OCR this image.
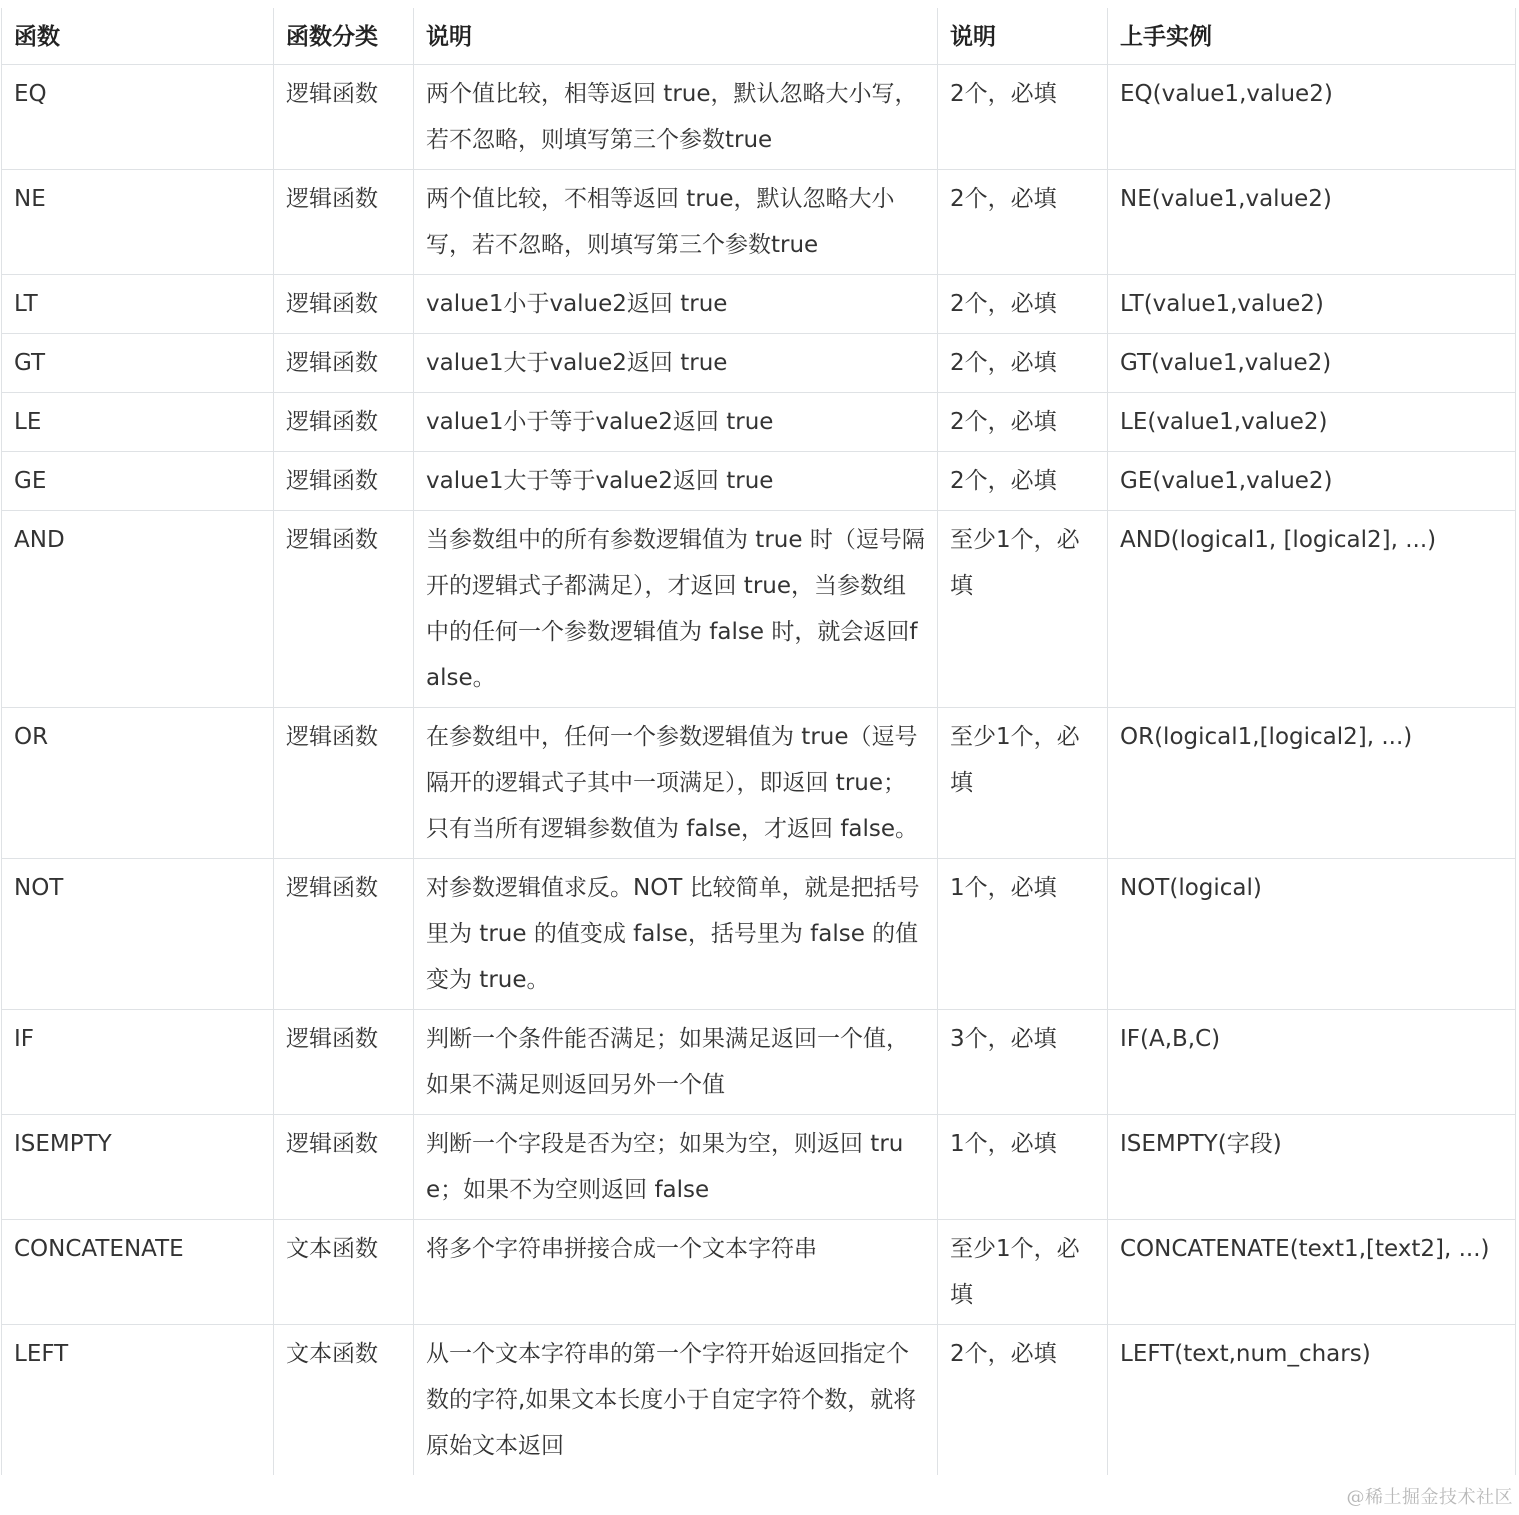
函数	函数分类	说明	说明	上手实例
EQ	逻辑函数	两个值比较，相等返回 true，默认忽略大小写，若不忽略，则填写第三个参数true	2个，必填	EQ(value1,value2)
NE	逻辑函数	两个值比较，不相等返回 true，默认忽略大小写，若不忽略，则填写第三个参数true	2个，必填	NE(value1,value2)
LT	逻辑函数	value1小于value2返回 true	2个，必填	LT(value1,value2)
GT	逻辑函数	value1大于value2返回 true	2个，必填	GT(value1,value2)
LE	逻辑函数	value1小于等于value2返回 true	2个，必填	LE(value1,value2)
GE	逻辑函数	value1大于等于value2返回 true	2个，必填	GE(value1,value2)
AND	逻辑函数	当参数组中的所有参数逻辑值为 true 时（逗号隔开的逻辑式子都满足），才返回 true，当参数组中的任何一个参数逻辑值为 false 时，就会返回false。	至少1个，必填	AND(logical1, [logical2], ...)
OR	逻辑函数	在参数组中，任何一个参数逻辑值为 true（逗号隔开的逻辑式子其中一项满足），即返回 true；只有当所有逻辑参数值为 false，才返回 false。	至少1个，必填	OR(logical1,[logical2], ...)
NOT	逻辑函数	对参数逻辑值求反。NOT 比较简单，就是把括号里为 true 的值变成 false，括号里为 false 的值变为 true。	1个，必填	NOT(logical)
IF	逻辑函数	判断一个条件能否满足；如果满足返回一个值，如果不满足则返回另外一个值	3个，必填	IF(A,B,C)
ISEMPTY	逻辑函数	判断一个字段是否为空；如果为空，则返回 true；如果不为空则返回 false	1个，必填	ISEMPTY(字段)
CONCATENATE	文本函数	将多个字符串拼接合成一个文本字符串	至少1个，必填	CONCATENATE(text1,[text2], ...)
LEFT	文本函数	从一个文本字符串的第一个字符开始返回指定个数的字符,如果文本长度小于自定字符个数，就将原始文本返回	2个，必填	LEFT(text,num_chars)
@稀土掘金技术社区
